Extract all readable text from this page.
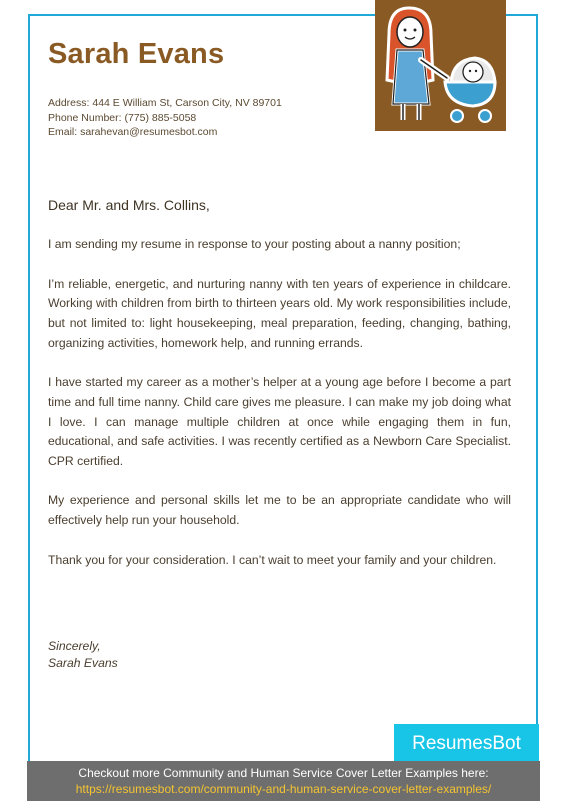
Sarah Evans
Address: 444 E William St, Carson City, NV 89701
Phone Number: (775) 885-5058
Email: sarahevan@resumesbot.com

Dear Mr. and Mrs. Collins,

I am sending my resume in response to your posting about a nanny position;

I’m reliable, energetic, and nurturing nanny with ten years of experience in childcare. Working with children from birth to thirteen years old. My work responsibilities include, but not limited to: light housekeeping, meal preparation, feeding, changing, bathing, organizing activities, homework help, and running errands.

I have started my career as a mother’s helper at a young age before I become a part time and full time nanny. Child care gives me pleasure. I can make my job doing what I love. I can manage multiple children at once while engaging them in fun, educational, and safe activities. I was recently certified as a Newborn Care Specialist. CPR certified.

My experience and personal skills let me to be an appropriate candidate who will effectively help run your household.

Thank you for your consideration. I can’t wait to meet your family and your children.

Sincerely,
Sarah Evans
ResumesBot
Checkout more Community and Human Service Cover Letter Examples here:
https://resumesbot.com/community-and-human-service-cover-letter-examples/
